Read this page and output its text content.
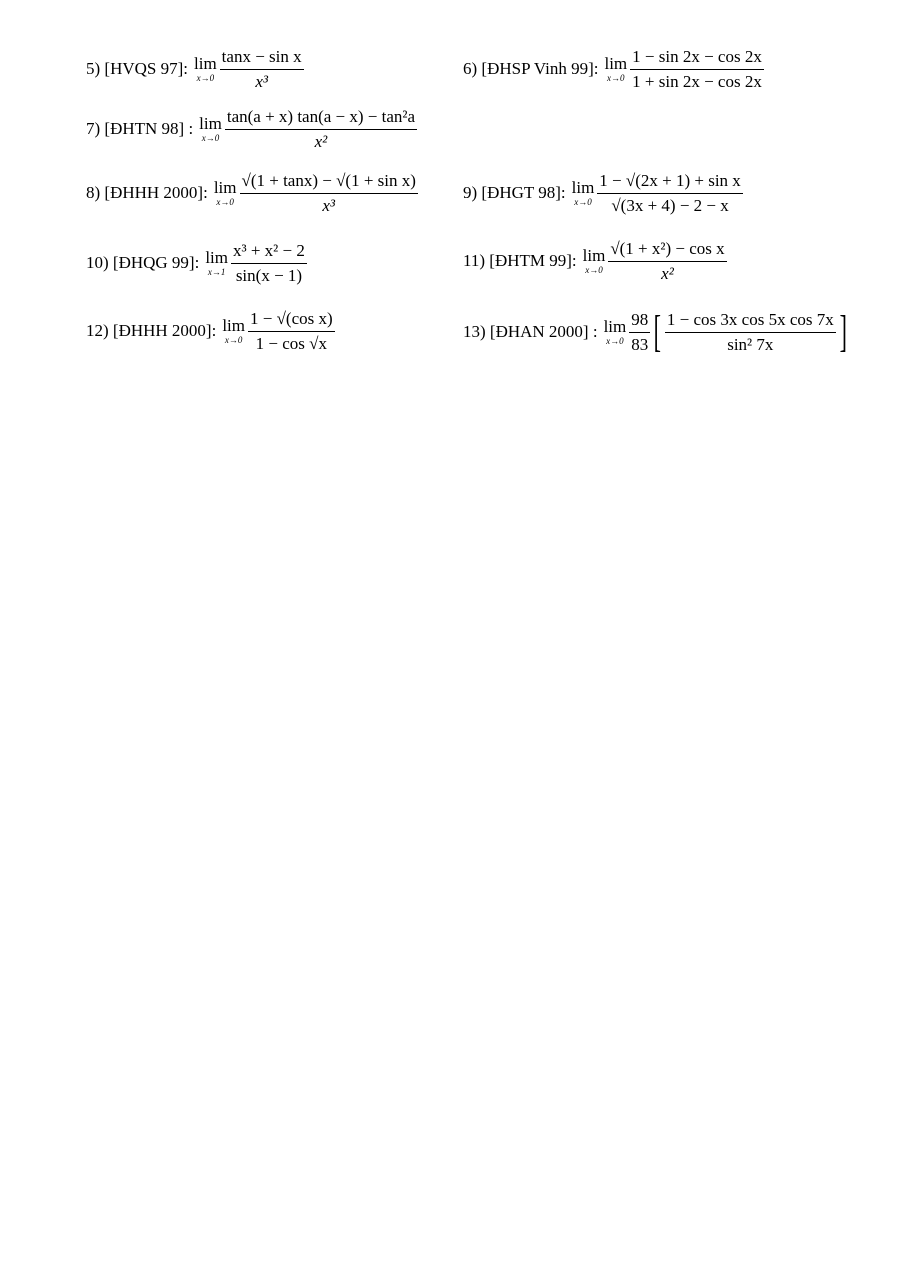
5) [HVQS 97]: lim
$x\to 0 \frac{\text{tanx − sin x}}{\text{x³}}$	6) [ĐHSP Vinh 99]: lim
$x\to 0 \frac{1 - \sin 2x - \cos 2x}{1 + \sin 2x - \cos 2x}$
7) [ĐHTN 98] : lim
$x\to 0 \frac{\text{tan(a + x) tan(a − x) − tan²a}}{\text{x²}}$
8) [ĐHHH 2000]: lim
$x\to 0 \frac{\text{√(1 + tanx) − √(1 + sin x)}}{\text{x³}}$	9) [ĐHGT 98]: lim
$x\to 0 \frac{\text{1 − √(2x + 1) + sin x}}{√(3x + 4) - 2 - x}$
10) [ĐHQG 99]: lim
$x\to 1 \frac{\text{x³ + x² − 2}}{\sin(x - 1)}$	11) [ĐHTM 99]: lim
$x\to 0 \frac{\text{√(1 + x²) − cos x}}{\text{x²}}$
12) [ĐHHH 2000]: lim
$x\to 0 \frac{\text{1 − √(cos x)}}{1 - \cos √x}$	13) [ĐHAN 2000] : lim
$x\to 0 \frac{98}{83}$ [ $\frac{\text{1 − cos 3x cos 5x cos 7x}}{\text{sin² 7x}}$ ]
